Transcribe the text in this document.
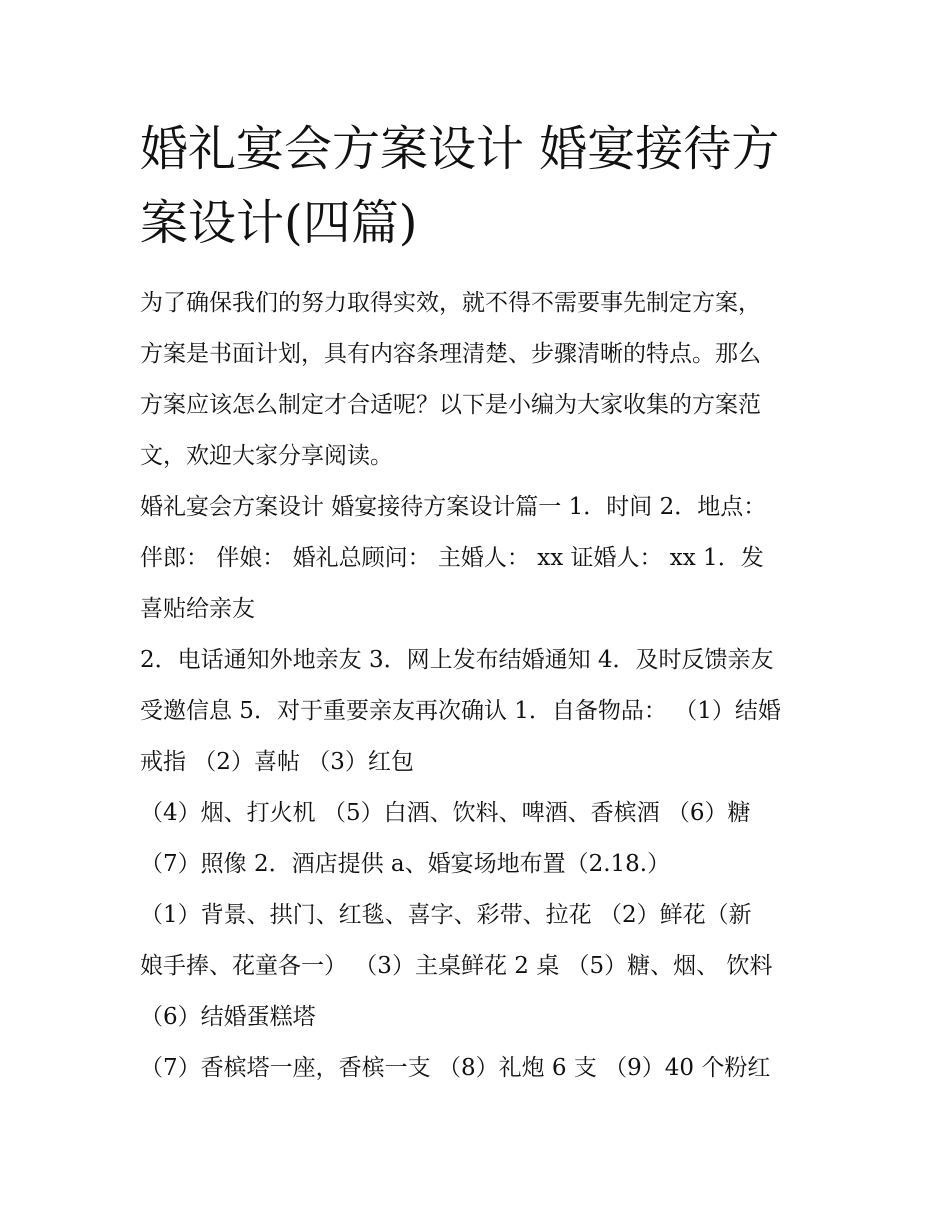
婚礼宴会方案设计 婚宴接待方
案设计(四篇)
为了确保我们的努力取得实效，就不得不需要事先制定方案，
方案是书面计划，具有内容条理清楚、步骤清晰的特点。那么
方案应该怎么制定才合适呢？以下是小编为大家收集的方案范
文，欢迎大家分享阅读。
婚礼宴会方案设计 婚宴接待方案设计篇一 1．时间 2．地点：
伴郎： 伴娘： 婚礼总顾问： 主婚人： xx 证婚人： xx 1．发
喜贴给亲友
2．电话通知外地亲友 3．网上发布结婚通知 4．及时反馈亲友
受邀信息 5．对于重要亲友再次确认 1．自备物品： （1）结婚
戒指 （2）喜帖 （3）红包
（4）烟、打火机 （5）白酒、饮料、啤酒、香槟酒 （6）糖
（7）照像 2．酒店提供 a、婚宴场地布置（2.18.）
（1）背景、拱门、红毯、喜字、彩带、拉花 （2）鲜花（新
娘手捧、花童各一） （3）主桌鲜花 2 桌 （5）糖、烟、 饮料
（6）结婚蛋糕塔
（7）香槟塔一座，香槟一支 （8）礼炮 6 支 （9）40 个粉红
